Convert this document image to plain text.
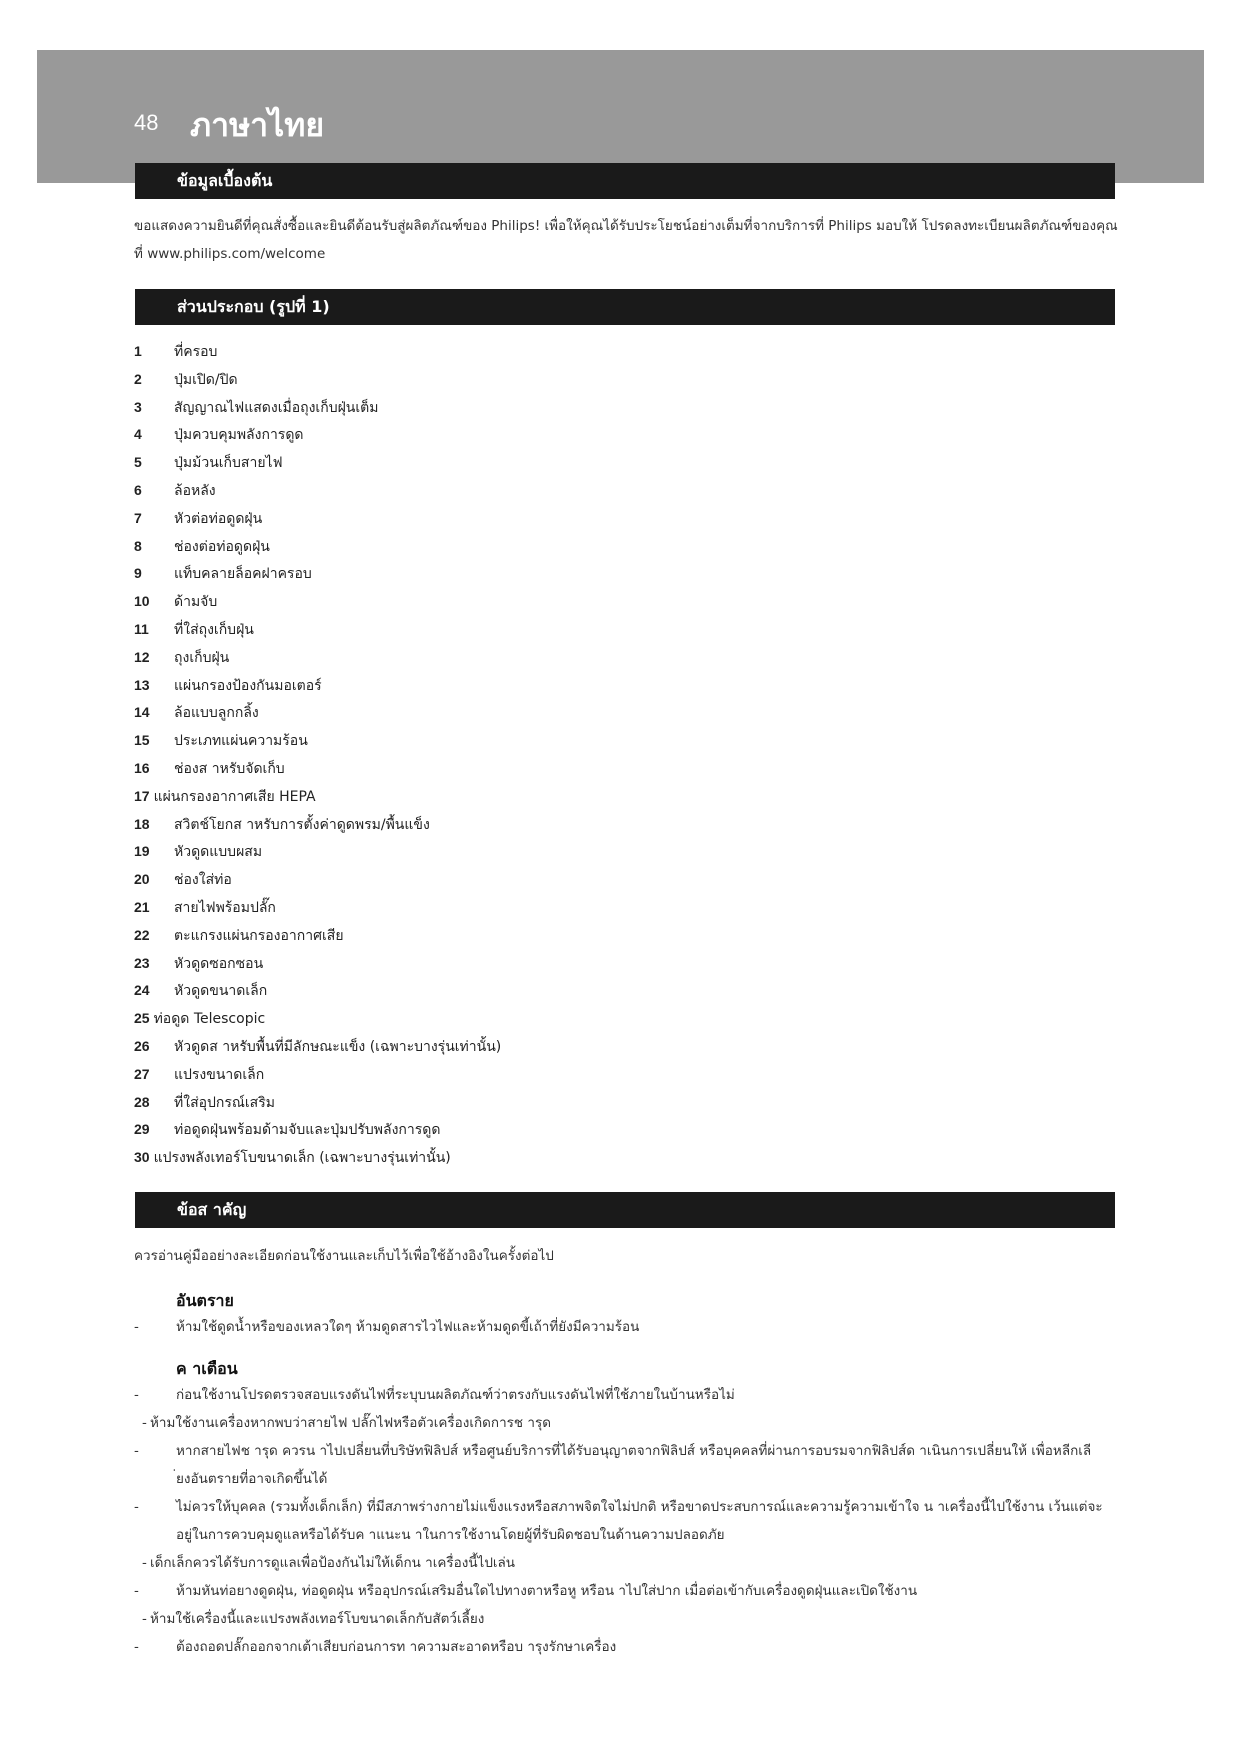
48 ภาษาไทย
ข้อมูลเบื้องต้น
ขอแสดงความยินดีที่คุณสั่งซื้อและยินดีต้อนรับสู่ผลิตภัณฑ์ของ Philips! เพื่อให้คุณได้รับประโยชน์อย่างเต็มที่จากบริการที่ Philips มอบให้ โปรดลงทะเบียนผลิตภัณฑ์ของคุณที่ www.philips.com/welcome
ส่วนประกอบ (รูปที่ 1)
1 ที่ครอบ
2 ปุ่มเปิด/ปิด
3 สัญญาณไฟแสดงเมื่อถุงเก็บฝุ่นเต็ม
4 ปุ่มควบคุมพลังการดูด
5 ปุ่มม้วนเก็บสายไฟ
6 ล้อหลัง
7 หัวต่อท่อดูดฝุ่น
8 ช่องต่อท่อดูดฝุ่น
9 แท็บคลายล็อคฝาครอบ
10 ด้ามจับ
11 ที่ใส่ถุงเก็บฝุ่น
12 ถุงเก็บฝุ่น
13 แผ่นกรองป้องกันมอเตอร์
14 ล้อแบบลูกกลิ้ง
15 ประเภทแผ่นความร้อน
16 ช่องส าหรับจัดเก็บ
17 แผ่นกรองอากาศเสีย HEPA
18 สวิตช์โยกส าหรับการตั้งค่าดูดพรม/พื้นแข็ง
19 หัวดูดแบบผสม
20 ช่องใส่ท่อ
21 สายไฟพร้อมปลั๊ก
22 ตะแกรงแผ่นกรองอากาศเสีย
23 หัวดูดซอกซอน
24 หัวดูดขนาดเล็ก
25 ท่อดูด Telescopic
26 หัวดูดส าหรับพื้นที่มีลักษณะแข็ง (เฉพาะบางรุ่นเท่านั้น)
27 แปรงขนาดเล็ก
28 ที่ใส่อุปกรณ์เสริม
29 ท่อดูดฝุ่นพร้อมด้ามจับและปุ่มปรับพลังการดูด
30 แปรงพลังเทอร์โบขนาดเล็ก (เฉพาะบางรุ่นเท่านั้น)
ข้อส าคัญ
ควรอ่านคู่มืออย่างละเอียดก่อนใช้งานและเก็บไว้เพื่อใช้อ้างอิงในครั้งต่อไป
อันตราย
-	ห้ามใช้ดูดน้ำหรือของเหลวใดๆ ห้ามดูดสารไวไฟและห้ามดูดขี้เถ้าที่ยังมีความร้อน
ค าเตือน
-	ก่อนใช้งานโปรดตรวจสอบแรงดันไฟที่ระบุบนผลิตภัณฑ์ว่าตรงกับแรงดันไฟที่ใช้ภายในบ้านหรือไม่
- ห้ามใช้งานเครื่องหากพบว่าสายไฟ ปลั๊กไฟหรือตัวเครื่องเกิดการช ารุด
-	หากสายไฟช ารุด ควรน าไปเปลี่ยนที่บริษัทฟิลิปส์ หรือศูนย์บริการที่ได้รับอนุญาตจากฟิลิปส์ หรือบุคคลที่ผ่านการอบรมจากฟิลิปส์ด าเนินการเปลี่ยนให้ เพื่อหลีกเลี
่ยงอันตรายที่อาจเกิดขึ้นได้
-	ไม่ควรให้บุคคล (รวมทั้งเด็กเล็ก) ที่มีสภาพร่างกายไม่แข็งแรงหรือสภาพจิตใจไม่ปกติ หรือขาดประสบการณ์และความรู้ความเข้าใจ น าเครื่องนี้ไปใช้งาน เว้นแต่จะ
อยู่ในการควบคุมดูแลหรือได้รับค าแนะน าในการใช้งานโดยผู้ที่รับผิดชอบในด้านความปลอดภัย
- เด็กเล็กควรได้รับการดูแลเพื่อป้องกันไม่ให้เด็กน าเครื่องนี้ไปเล่น
-	ห้ามหันท่อยางดูดฝุ่น, ท่อดูดฝุ่น หรืออุปกรณ์เสริมอื่นใดไปทางตาหรือหู หรือน าไปใส่ปาก เมื่อต่อเข้ากับเครื่องดูดฝุ่นและเปิดใช้งาน
- ห้ามใช้เครื่องนี้และแปรงพลังเทอร์โบขนาดเล็กกับสัตว์เลี้ยง
-	ต้องถอดปลั๊กออกจากเต้าเสียบก่อนการท าความสะอาดหรือบ ารุงรักษาเครื่อง
